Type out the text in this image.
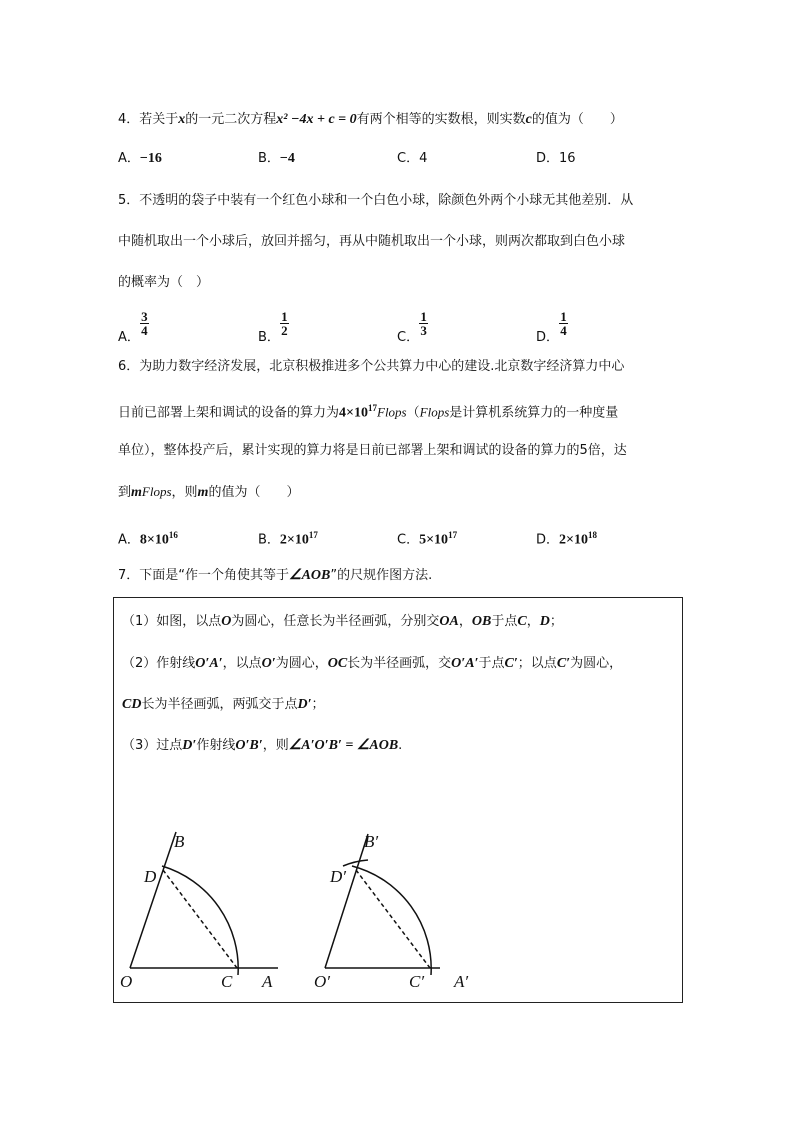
4．若关于x的一元二次方程x² −4x + c = 0有两个相等的实数根，则实数c的值为（　　）
A．−16	B．−4	C．4	D．16
5．不透明的袋子中装有一个红色小球和一个白色小球，除颜色外两个小球无其他差别．从
中随机取出一个小球后，放回并摇匀，再从中随机取出一个小球，则两次都取到白色小球
的概率为（　）
A．
$\frac{3}{4}$
B．
$\frac{1}{2}$
C．
$\frac{1}{3}$
D．
$\frac{1}{4}$
6．为助力数字经济发展，北京积极推进多个公共算力中心的建设.北京数字经济算力中心
日前已部署上架和调试的设备的算力为$4\times 10^{17}Flops(Flops$是计算机系统算力的一种度量
单位），整体投产后，累计实现的算力将是日前已部署上架和调试的设备的算力的5倍，达
到mFlops，则m的值为（　　）
A．$8\times 10^{16}$	B．$2\times 10^{17}$	C．$5\times 10^{17}$	D．$2\times 10^{18}$
7．下面是“作一个角使其等于∠AOB”的尺规作图方法.
（1）如图，以点O为圆心，任意长为半径画弧，分别交OA，OB于点C，D；
（2）作射线O′A′，以点O′为圆心，OC长为半径画弧，交O′A′于点C′；以点C′为圆心，
CD长为半径画弧，两弧交于点D′；
（3）过点D′作射线O′B′，则∠A′O′B′ = ∠AOB.
O	A
B
C
D
O′	A′
B′
C′
D′
